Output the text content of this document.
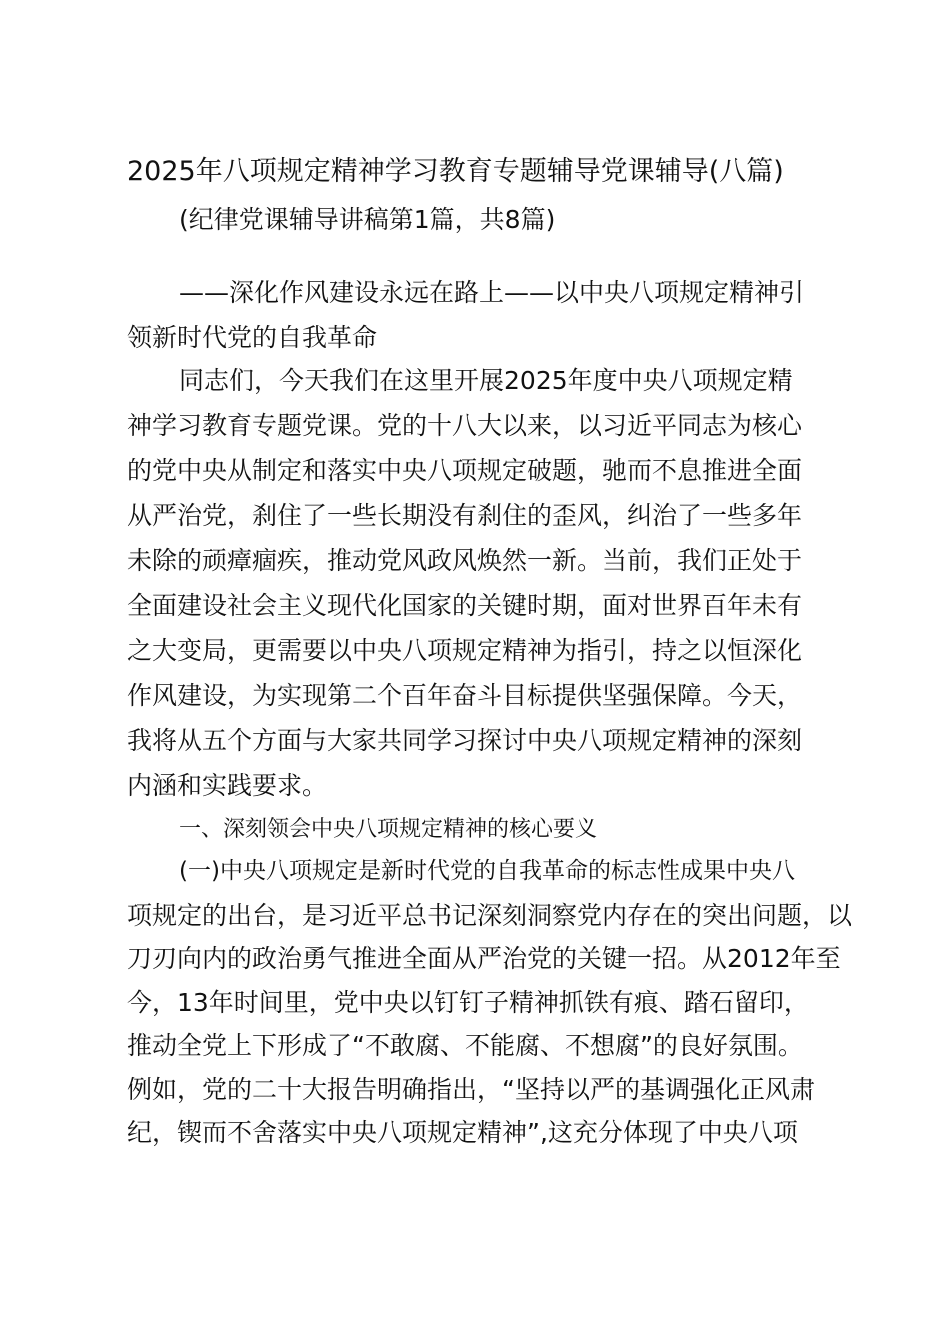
2025年八项规定精神学习教育专题辅导党课辅导(八篇)
(纪律党课辅导讲稿第1篇，共8篇)
——深化作风建设永远在路上——以中央八项规定精神引
领新时代党的自我革命
同志们，今天我们在这里开展2025年度中央八项规定精
神学习教育专题党课。党的十八大以来，以习近平同志为核心
的党中央从制定和落实中央八项规定破题，驰而不息推进全面
从严治党，刹住了一些长期没有刹住的歪风，纠治了一些多年
未除的顽瘴痼疾，推动党风政风焕然一新。当前，我们正处于
全面建设社会主义现代化国家的关键时期，面对世界百年未有
之大变局，更需要以中央八项规定精神为指引，持之以恒深化
作风建设，为实现第二个百年奋斗目标提供坚强保障。今天，
我将从五个方面与大家共同学习探讨中央八项规定精神的深刻
内涵和实践要求。
一、深刻领会中央八项规定精神的核心要义
(一)中央八项规定是新时代党的自我革命的标志性成果中央八
项规定的出台，是习近平总书记深刻洞察党内存在的突出问题，以
刀刃向内的政治勇气推进全面从严治党的关键一招。从2012年至
今，13年时间里，党中央以钉钉子精神抓铁有痕、踏石留印，
推动全党上下形成了“不敢腐、不能腐、不想腐”的良好氛围。
例如，党的二十大报告明确指出，“坚持以严的基调强化正风肃
纪，锲而不舍落实中央八项规定精神”,这充分体现了中央八项
